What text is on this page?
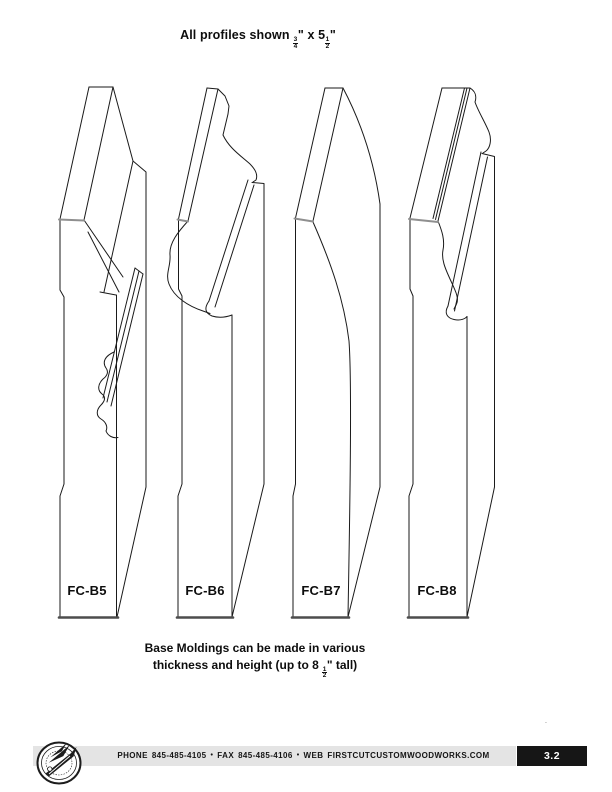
All profiles shown
$\frac{3}{4}$
" x 5
$\frac{1}{2}$
"
FC-B5	FC-B6	FC-B7	FC-B8
Base Moldings can be made in various
thickness and height (up to 8
$\frac{1}{2}$
" tall)
.
PHONE 845-485-4105 • FAX 845-485-4106 • WEB FIRSTCUTCUSTOMWOODWORKS.COM	3.2
